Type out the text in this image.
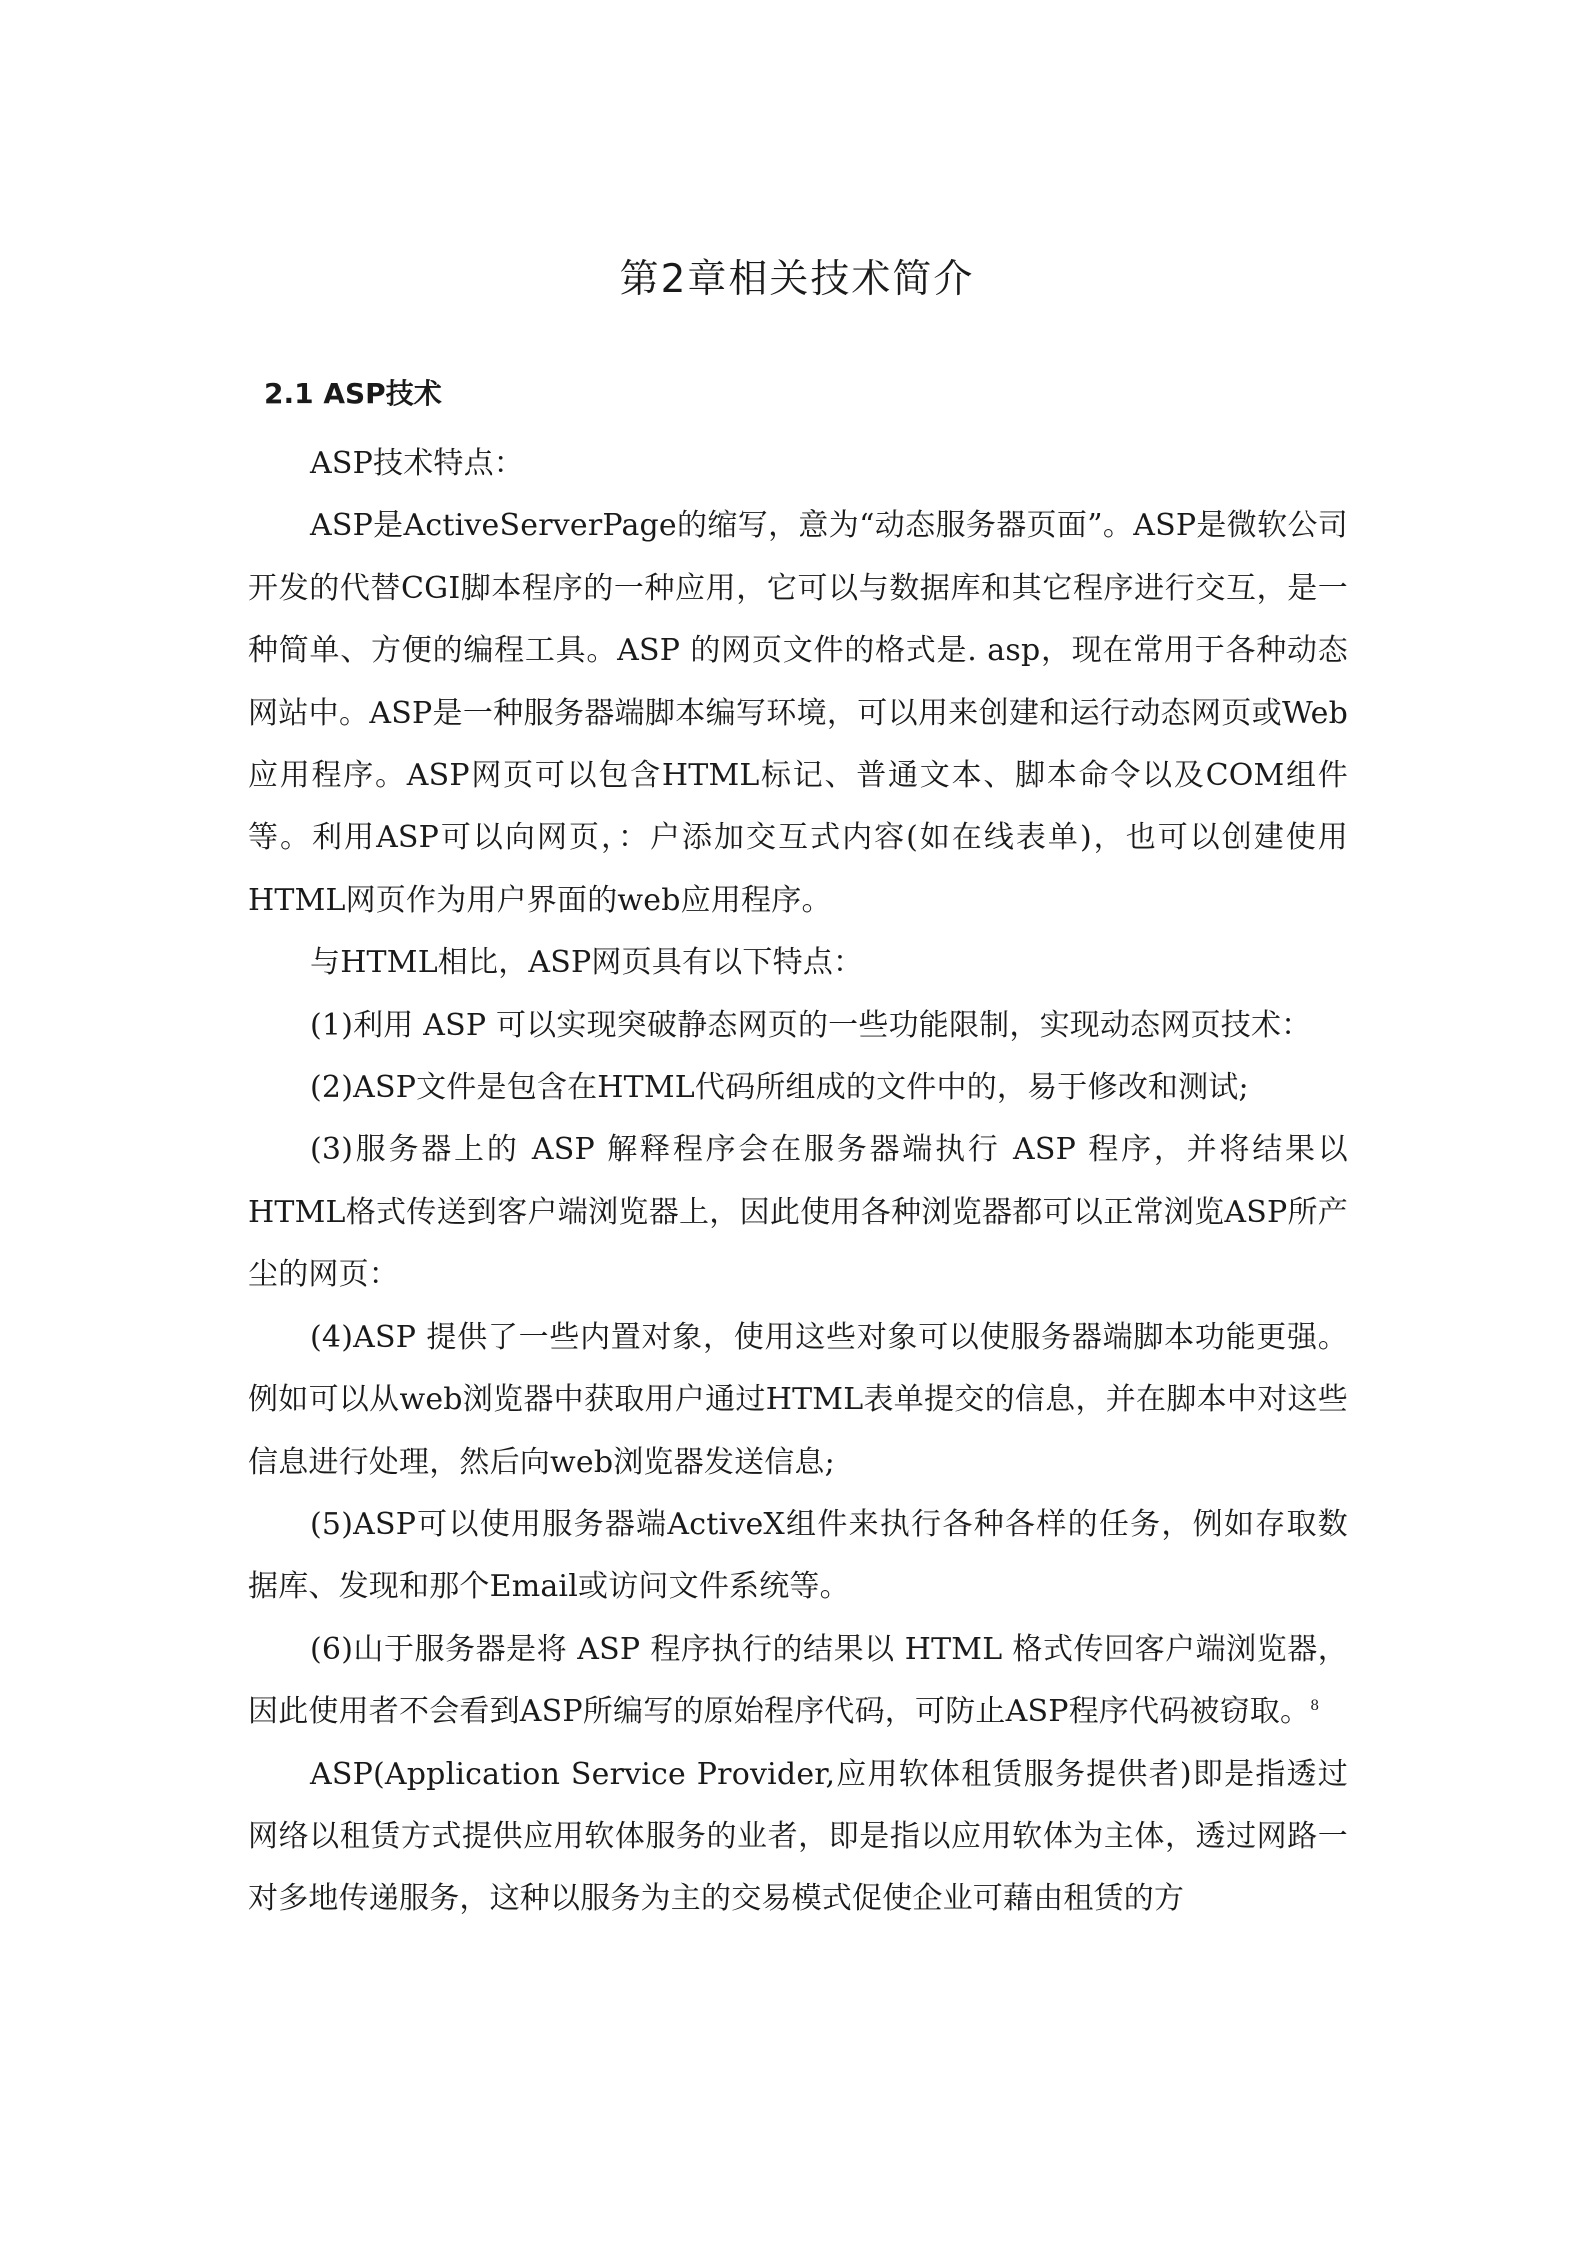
第2章相关技术简介
2.1 ASP技术

ASP技术特点：

ASP是ActiveServerPage的缩写，意为“动态服务器页面”。ASP是微软公司开发的代替CGI脚本程序的一种应用，它可以与数据库和其它程序进行交互，是一种简单、方便的编程工具。ASP 的网页文件的格式是. asp，现在常用于各种动态网站中。ASP是一种服务器端脚本编写环境，可以用来创建和运行动态网页或Web应用程序。ASP网页可以包含HTML标记、普通文本、脚本命令以及COM组件等。利用ASP可以向网页，：户添加交互式内容(如在线表单)，也可以创建使用HTML网页作为用户界面的web应用程序。

与HTML相比，ASP网页具有以下特点：

(1)利用 ASP 可以实现突破静态网页的一些功能限制，实现动态网页技术：

(2)ASP文件是包含在HTML代码所组成的文件中的，易于修改和测试;

(3)服务器上的 ASP 解释程序会在服务器端执行 ASP 程序，并将结果以HTML格式传送到客户端浏览器上，因此使用各种浏览器都可以正常浏览ASP所产尘的网页：

(4)ASP 提供了一些内置对象，使用这些对象可以使服务器端脚本功能更强。例如可以从web浏览器中获取用户通过HTML表单提交的信息，并在脚本中对这些信息进行处理，然后向web浏览器发送信息;

(5)ASP可以使用服务器端ActiveX组件来执行各种各样的任务，例如存取数据库、发现和那个Email或访问文件系统等。

(6)山于服务器是将 ASP 程序执行的结果以 HTML 格式传回客户端浏览器，因此使用者不会看到ASP所编写的原始程序代码，可防止ASP程序代码被窃取。$^8$

ASP(Application Service Provider,应用软体租赁服务提供者)即是指透过网络以租赁方式提供应用软体服务的业者，即是指以应用软体为主体，透过网路一对多地传递服务，这种以服务为主的交易模式促使企业可藉由租赁的方
